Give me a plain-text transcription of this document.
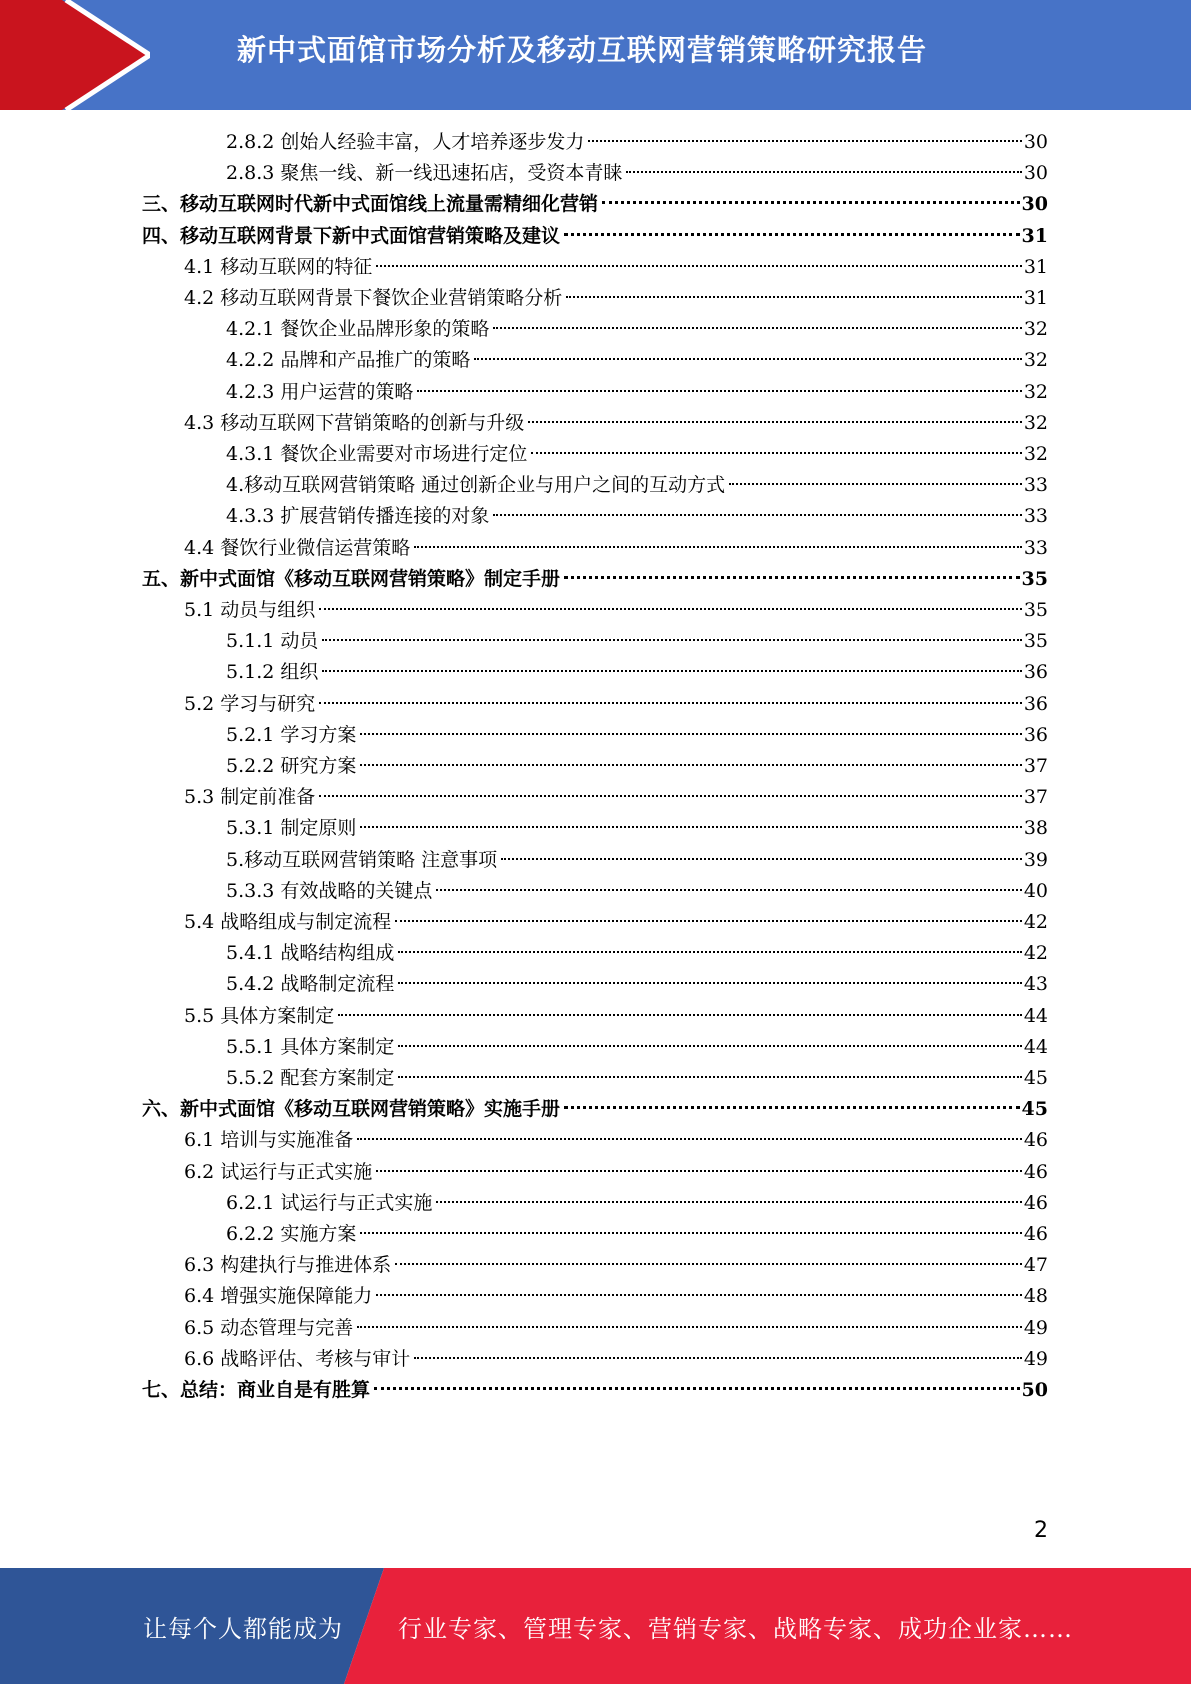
新中式面馆市场分析及移动互联网营销策略研究报告
2.8.2 创始人经验丰富，人才培养逐步发力	30
2.8.3 聚焦一线、新一线迅速拓店，受资本青睐	30
三、移动互联网时代新中式面馆线上流量需精细化营销	30
四、移动互联网背景下新中式面馆营销策略及建议	31
4.1 移动互联网的特征	31
4.2 移动互联网背景下餐饮企业营销策略分析	31
4.2.1 餐饮企业品牌形象的策略	32
4.2.2 品牌和产品推广的策略	32
4.2.3 用户运营的策略	32
4.3 移动互联网下营销策略的创新与升级	32
4.3.1 餐饮企业需要对市场进行定位	32
4.移动互联网营销策略 通过创新企业与用户之间的互动方式	33
4.3.3 扩展营销传播连接的对象	33
4.4 餐饮行业微信运营策略	33
五、新中式面馆《移动互联网营销策略》制定手册	35
5.1 动员与组织	35
5.1.1 动员	35
5.1.2 组织	36
5.2 学习与研究	36
5.2.1 学习方案	36
5.2.2 研究方案	37
5.3 制定前准备	37
5.3.1 制定原则	38
5.移动互联网营销策略 注意事项	39
5.3.3 有效战略的关键点	40
5.4 战略组成与制定流程	42
5.4.1 战略结构组成	42
5.4.2 战略制定流程	43
5.5 具体方案制定	44
5.5.1 具体方案制定	44
5.5.2 配套方案制定	45
六、新中式面馆《移动互联网营销策略》实施手册	45
6.1 培训与实施准备	46
6.2 试运行与正式实施	46
6.2.1 试运行与正式实施	46
6.2.2 实施方案	46
6.3 构建执行与推进体系	47
6.4 增强实施保障能力	48
6.5 动态管理与完善	49
6.6 战略评估、考核与审计	49
七、总结：商业自是有胜算	50
2
让每个人都能成为 行业专家、管理专家、营销专家、战略专家、成功企业家……
